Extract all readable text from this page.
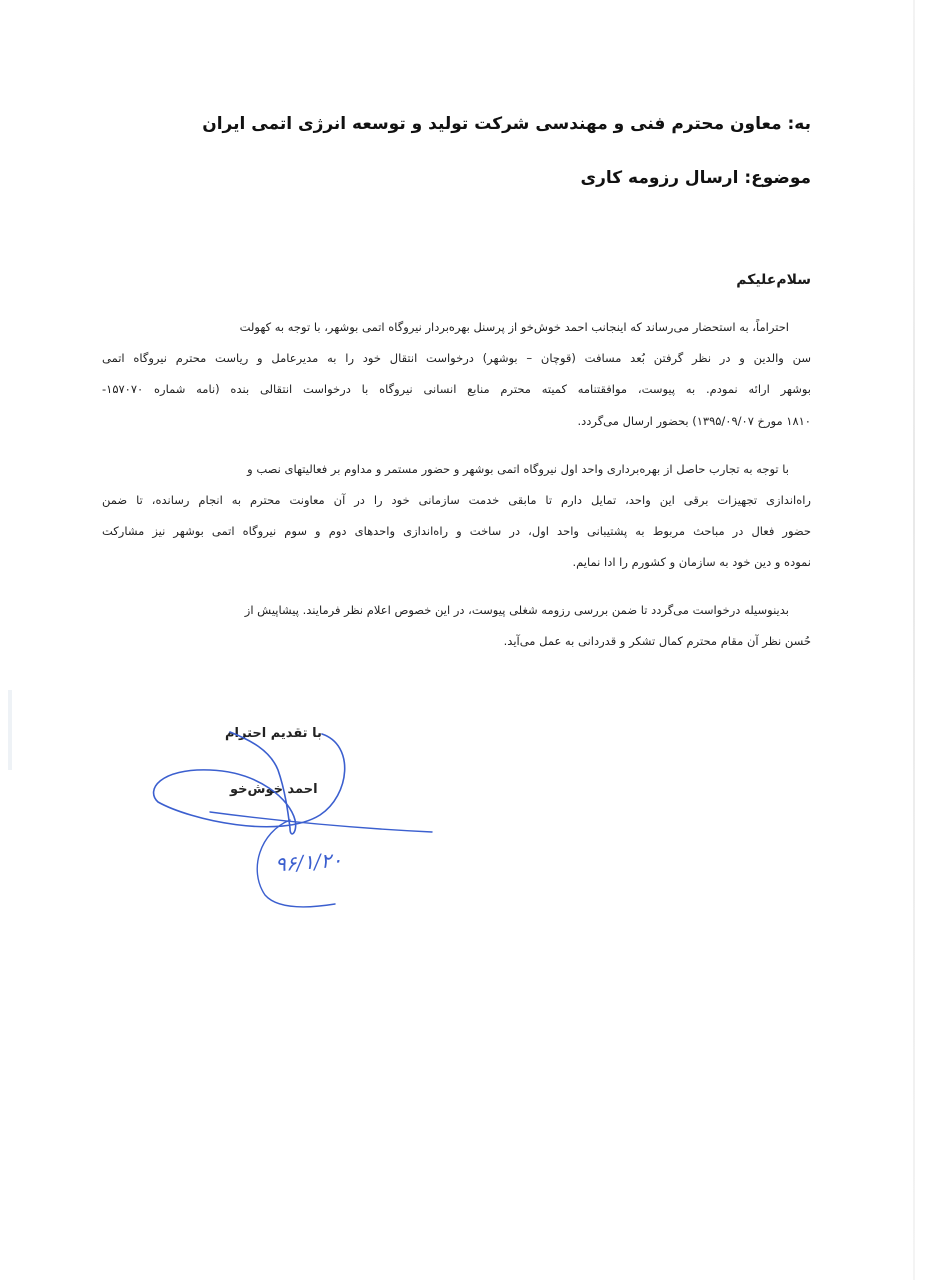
به: معاون محترم فنی و مهندسی شرکت تولید و توسعه انرژی اتمی ایران

موضوع: ارسال رزومه کاری

سلام‌علیکم

احتراماً، به استحضار می‌رساند که اینجانب احمد خوش‌خو از پرسنل بهره‌بردار نیروگاه اتمی بوشهر، با توجه به کهولت

سن والدین و در نظر گرفتن بُعد مسافت (قوچان – بوشهر) درخواست انتقال خود را به مدیرعامل و ریاست محترم نیروگاه اتمی

بوشهر ارائه نمودم. به پیوست، موافقتنامه کمیته محترم منابع انسانی نیروگاه با درخواست انتقالی بنده (نامه شماره ۱۵۷۰۷۰-

۱۸۱۰ مورخ ۱۳۹۵/۰۹/۰۷) بحضور ارسال می‌گردد.

با توجه به تجارب حاصل از بهره‌برداری واحد اول نیروگاه اتمی بوشهر و حضور مستمر و مداوم بر فعالیتهای نصب و

راه‌اندازی تجهیزات برقی این واحد، تمایل دارم تا مابقی خدمت سازمانی خود را در آن معاونت محترم به انجام رسانده، تا ضمن

حضور فعال در مباحث مربوط به پشتیبانی واحد اول، در ساخت و راه‌اندازی واحدهای دوم و سوم نیروگاه اتمی بوشهر نیز مشارکت

نموده و دین خود به سازمان و کشورم را ادا نمایم.

بدینوسیله درخواست می‌گردد تا ضمن بررسی رزومه شغلی پیوست، در این خصوص اعلام نظر فرمایند. پیشاپیش از

حُسن نظر آن مقام محترم کمال تشکر و قدردانی به عمل می‌آید.

با تقدیم احترام
احمد خوش‌خو
۹۶/۱/۲۰
